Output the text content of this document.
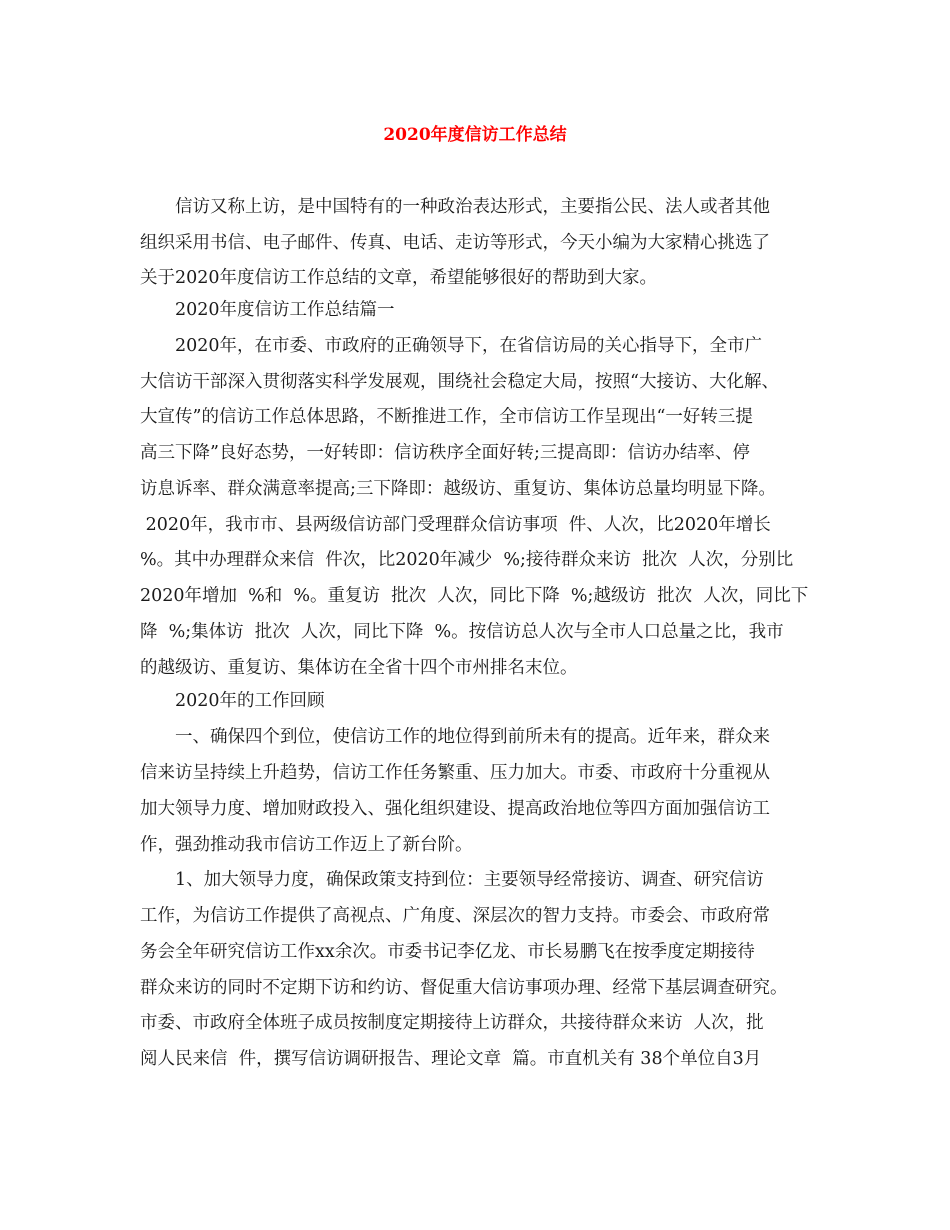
2020年度信访工作总结
信访又称上访，是中国特有的一种政治表达形式，主要指公民、法人或者其他
组织采用书信、电子邮件、传真、电话、走访等形式，今天小编为大家精心挑选了
关于2020年度信访工作总结的文章，希望能够很好的帮助到大家。
2020年度信访工作总结篇一
2020年，在市委、市政府的正确领导下，在省信访局的关心指导下，全市广
大信访干部深入贯彻落实科学发展观，围绕社会稳定大局，按照“大接访、大化解、
大宣传”的信访工作总体思路，不断推进工作，全市信访工作呈现出“一好转三提
高三下降”良好态势，一好转即：信访秩序全面好转;三提高即：信访办结率、停
访息诉率、群众满意率提高;三下降即：越级访、重复访、集体访总量均明显下降。
2020年，我市市、县两级信访部门受理群众信访事项  件、人次，比2020年增长
%。其中办理群众来信  件次，比2020年减少  %;接待群众来访  批次  人次，分别比
2020年增加  %和  %。重复访  批次  人次，同比下降  %;越级访  批次  人次，同比下
降  %;集体访  批次  人次，同比下降  %。按信访总人次与全市人口总量之比，我市
的越级访、重复访、集体访在全省十四个市州排名末位。
2020年的工作回顾
一、确保四个到位，使信访工作的地位得到前所未有的提高。近年来，群众来
信来访呈持续上升趋势，信访工作任务繁重、压力加大。市委、市政府十分重视从
加大领导力度、增加财政投入、强化组织建设、提高政治地位等四方面加强信访工
作，强劲推动我市信访工作迈上了新台阶。
1、加大领导力度，确保政策支持到位：主要领导经常接访、调查、研究信访
工作，为信访工作提供了高视点、广角度、深层次的智力支持。市委会、市政府常
务会全年研究信访工作xx余次。市委书记李亿龙、市长易鹏飞在按季度定期接待
群众来访的同时不定期下访和约访、督促重大信访事项办理、经常下基层调查研究。
市委、市政府全体班子成员按制度定期接待上访群众，共接待群众来访  人次，批
阅人民来信  件，撰写信访调研报告、理论文章  篇。市直机关有 38个单位自3月
